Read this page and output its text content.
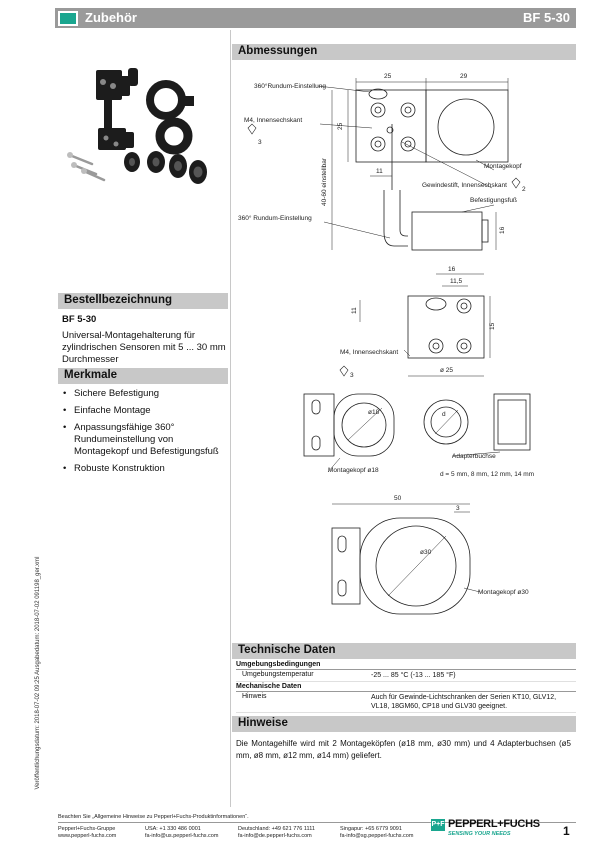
Zubehör	BF 5-30
Bestellbezeichnung
BF 5-30
Universal-Montagehalterung für zylindrischen Sensoren mit 5 ... 30 mm Durchmesser
Merkmale
• Sichere Befestigung
• Einfache Montage
• Anpassungsfähige 360° Rundumeinstellung von Montagekopf und Befestigungsfuß
• Robuste Konstruktion
Veröffentlichungsdatum: 2018-07-02 09:25 Ausgabedatum: 2018-07-02 091198_ger.xml
Abmessungen
25	29
25
40-60 einstellbar	11
16
360°Rundum-Einstellung
M4, Innensechskant
3
Montagekopf
Gewindestift, Innensechskant
2
Befestigungsfuß
360° Rundum-Einstellung
16
11,5
11
15
M4, Innensechskant
3
ø 25
ø18	d
Montagekopf ø18
Adapterbuchse
d = 5 mm, 8 mm, 12 mm, 14 mm
50
3
ø30
Montagekopf ø30
Technische Daten
Umgebungsbedingungen
Umgebungstemperatur	-25 ... 85 °C (-13 ... 185 °F)
Mechanische Daten
Hinweis	Auch für Gewinde-Lichtschranken der Serien KT10, GLV12, VL18, 18GM60, CP18 und GLV30 geeignet.
Hinweise
Die Montagehilfe wird mit 2 Montageköpfen (ø18 mm, ø30 mm) und 4 Adapterbuchsen (ø5 mm, ø8 mm, ø12 mm, ø14 mm) geliefert.
Beachten Sie „Allgemeine Hinweise zu Pepperl+Fuchs-Produktinformationen“.
Pepperl+Fuchs-Gruppe
www.pepperl-fuchs.com
USA: +1 330 486 0001
fa-info@us.pepperl-fuchs.com
Deutschland: +49 621 776 1111
fa-info@de.pepperl-fuchs.com
Singapur: +65 6779 9091
fa-info@sg.pepperl-fuchs.com
P+F PEPPERL+FUCHS
SENSING YOUR NEEDS	1
